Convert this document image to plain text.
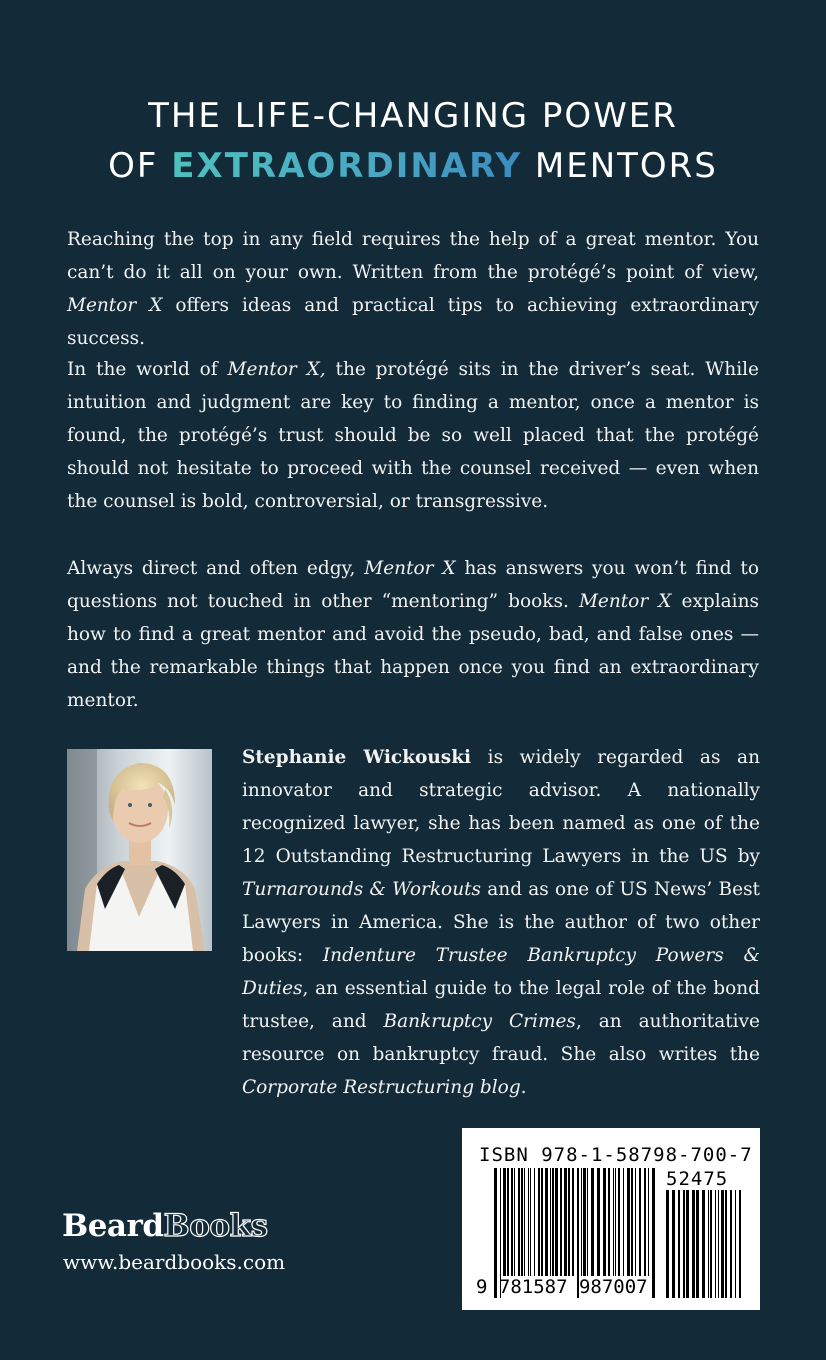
THE LIFE-CHANGING POWER
OF EXTRAORDINARY MENTORS

Reaching the top in any field requires the help of a great mentor. You can’t do it all on your own. Written from the protégé’s point of view, Mentor X offers ideas and practical tips to achieving extraordinary success.

In the world of Mentor X, the protégé sits in the driver’s seat. While intuition and judgment are key to finding a mentor, once a mentor is found, the protégé’s trust should be so well placed that the protégé should not hesitate to proceed with the counsel received — even when the counsel is bold, controversial, or transgressive.

Always direct and often edgy, Mentor X has answers you won’t find to questions not touched in other “mentoring” books. Mentor X explains how to find a great mentor and avoid the pseudo, bad, and false ones — and the remarkable things that happen once you find an extraordinary mentor.

Stephanie Wickouski is widely regarded as an innovator and strategic advisor. A nationally recognized lawyer, she has been named as one of the 12 Outstanding Restructuring Lawyers in the US by Turnarounds & Workouts and as one of US News’ Best Lawyers in America. She is the author of two other books: Indenture Trustee Bankruptcy Powers & Duties, an essential guide to the legal role of the bond trustee, and Bankruptcy Crimes, an authoritative resource on bankruptcy fraud. She also writes the Corporate Restructuring blog.

BeardBooks
www.beardbooks.com
ISBN 978-1-58798-700-7
52475
9 781587 987007
